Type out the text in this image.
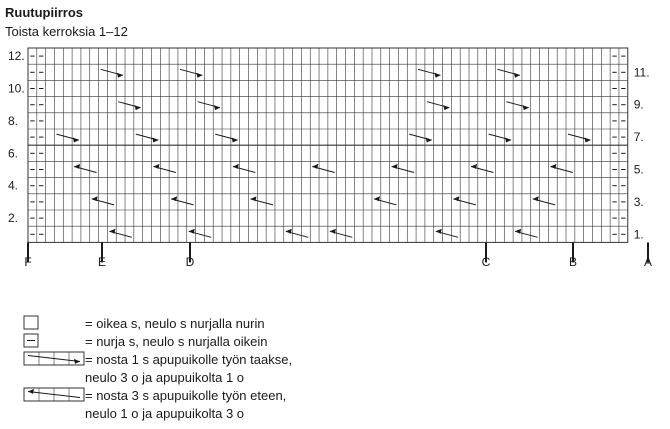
Ruutupiirros
Toista kerroksia 1–12
12.
10.
8.
6.
4.
2.
11.
9.
7.
5.
3.
1.
F	E	D	C	B	A
= oikea s, neulo s nurjalla nurin
= nurja s, neulo s nurjalla oikein
= nosta 1 s apupuikolle työn taakse,
neulo 3 o ja apupuikolta 1 o
= nosta 3 s apupuikolle työn eteen,
neulo 1 o ja apupuikolta 3 o
